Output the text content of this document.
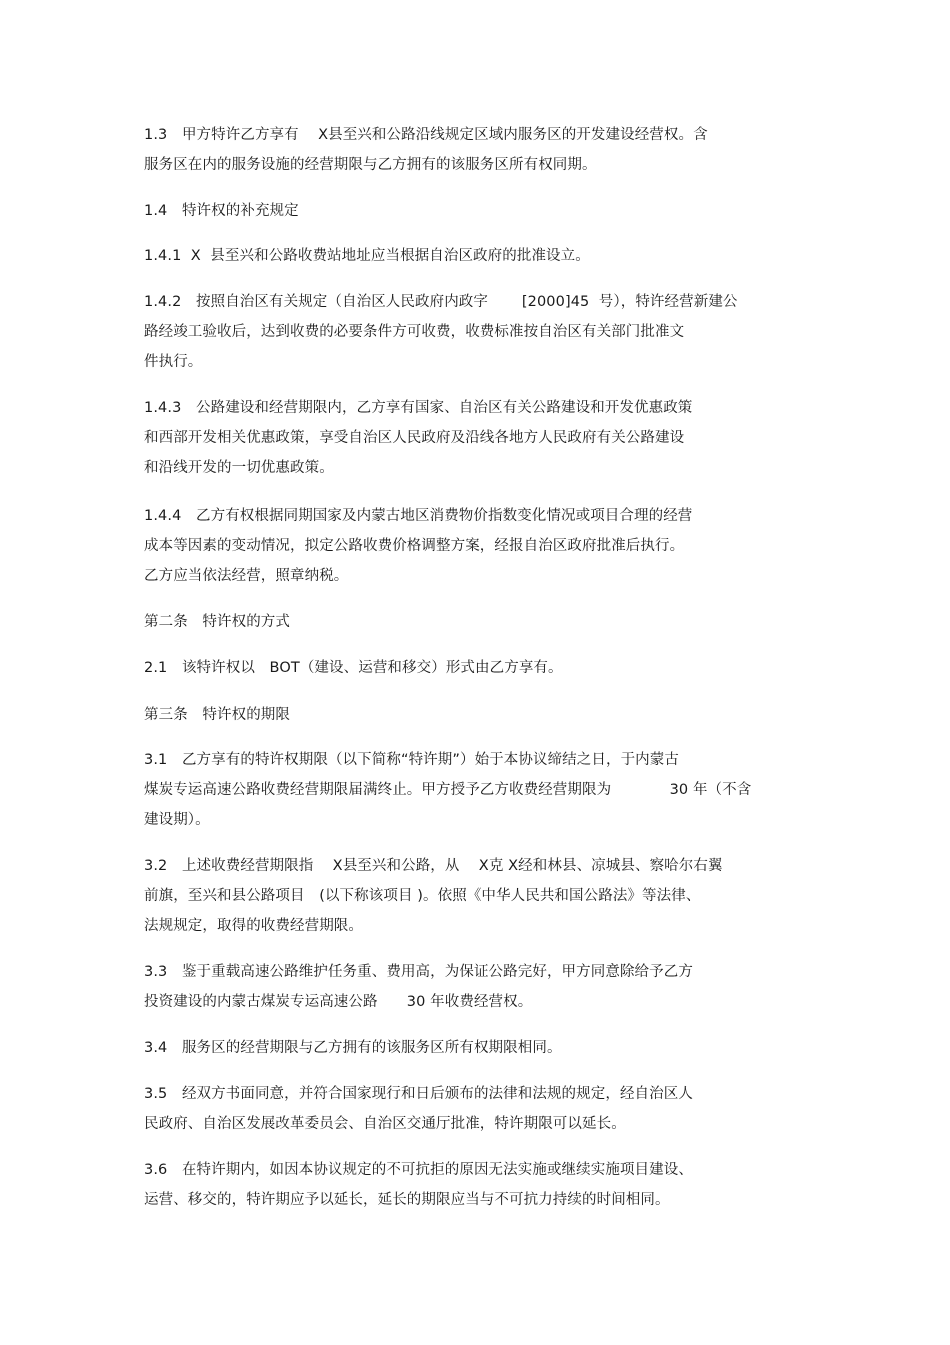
1.3　甲方特许乙方享有　 X县至兴和公路沿线规定区域内服务区的开发建设经营权。含
服务区在内的服务设施的经营期限与乙方拥有的该服务区所有权同期。
1.4　特许权的补充规定
1.4.1  X  县至兴和公路收费站地址应当根据自治区政府的批准设立。
1.4.2　按照自治区有关规定（自治区人民政府内政字　　 [2000]45  号），特许经营新建公
路经竣工验收后，达到收费的必要条件方可收费，收费标准按自治区有关部门批准文
件执行。
1.4.3　公路建设和经营期限内，乙方享有国家、自治区有关公路建设和开发优惠政策
和西部开发相关优惠政策，享受自治区人民政府及沿线各地方人民政府有关公路建设
和沿线开发的一切优惠政策。
1.4.4　乙方有权根据同期国家及内蒙古地区消费物价指数变化情况或项目合理的经营
成本等因素的变动情况，拟定公路收费价格调整方案，经报自治区政府批准后执行。
乙方应当依法经营，照章纳税。
第二条　特许权的方式
2.1　该特许权以　BOT（建设、运营和移交）形式由乙方享有。
第三条　特许权的期限
3.1　乙方享有的特许权期限（以下简称“特许期”）始于本协议缔结之日，于内蒙古
煤炭专运高速公路收费经营期限届满终止。甲方授予乙方收费经营期限为　　　　30 年（不含
建设期）。
3.2　上述收费经营期限指　 X县至兴和公路，从　 X克 X经和林县、凉城县、察哈尔右翼
前旗，至兴和县公路项目　(以下称该项目 )。依照《中华人民共和国公路法》等法律、
法规规定，取得的收费经营期限。
3.3　鉴于重载高速公路维护任务重、费用高，为保证公路完好，甲方同意除给予乙方
投资建设的内蒙古煤炭专运高速公路　　30 年收费经营权。
3.4　服务区的经营期限与乙方拥有的该服务区所有权期限相同。
3.5　经双方书面同意，并符合国家现行和日后颁布的法律和法规的规定，经自治区人
民政府、自治区发展改革委员会、自治区交通厅批准，特许期限可以延长。
3.6　在特许期内，如因本协议规定的不可抗拒的原因无法实施或继续实施项目建设、
运营、移交的，特许期应予以延长，延长的期限应当与不可抗力持续的时间相同。
